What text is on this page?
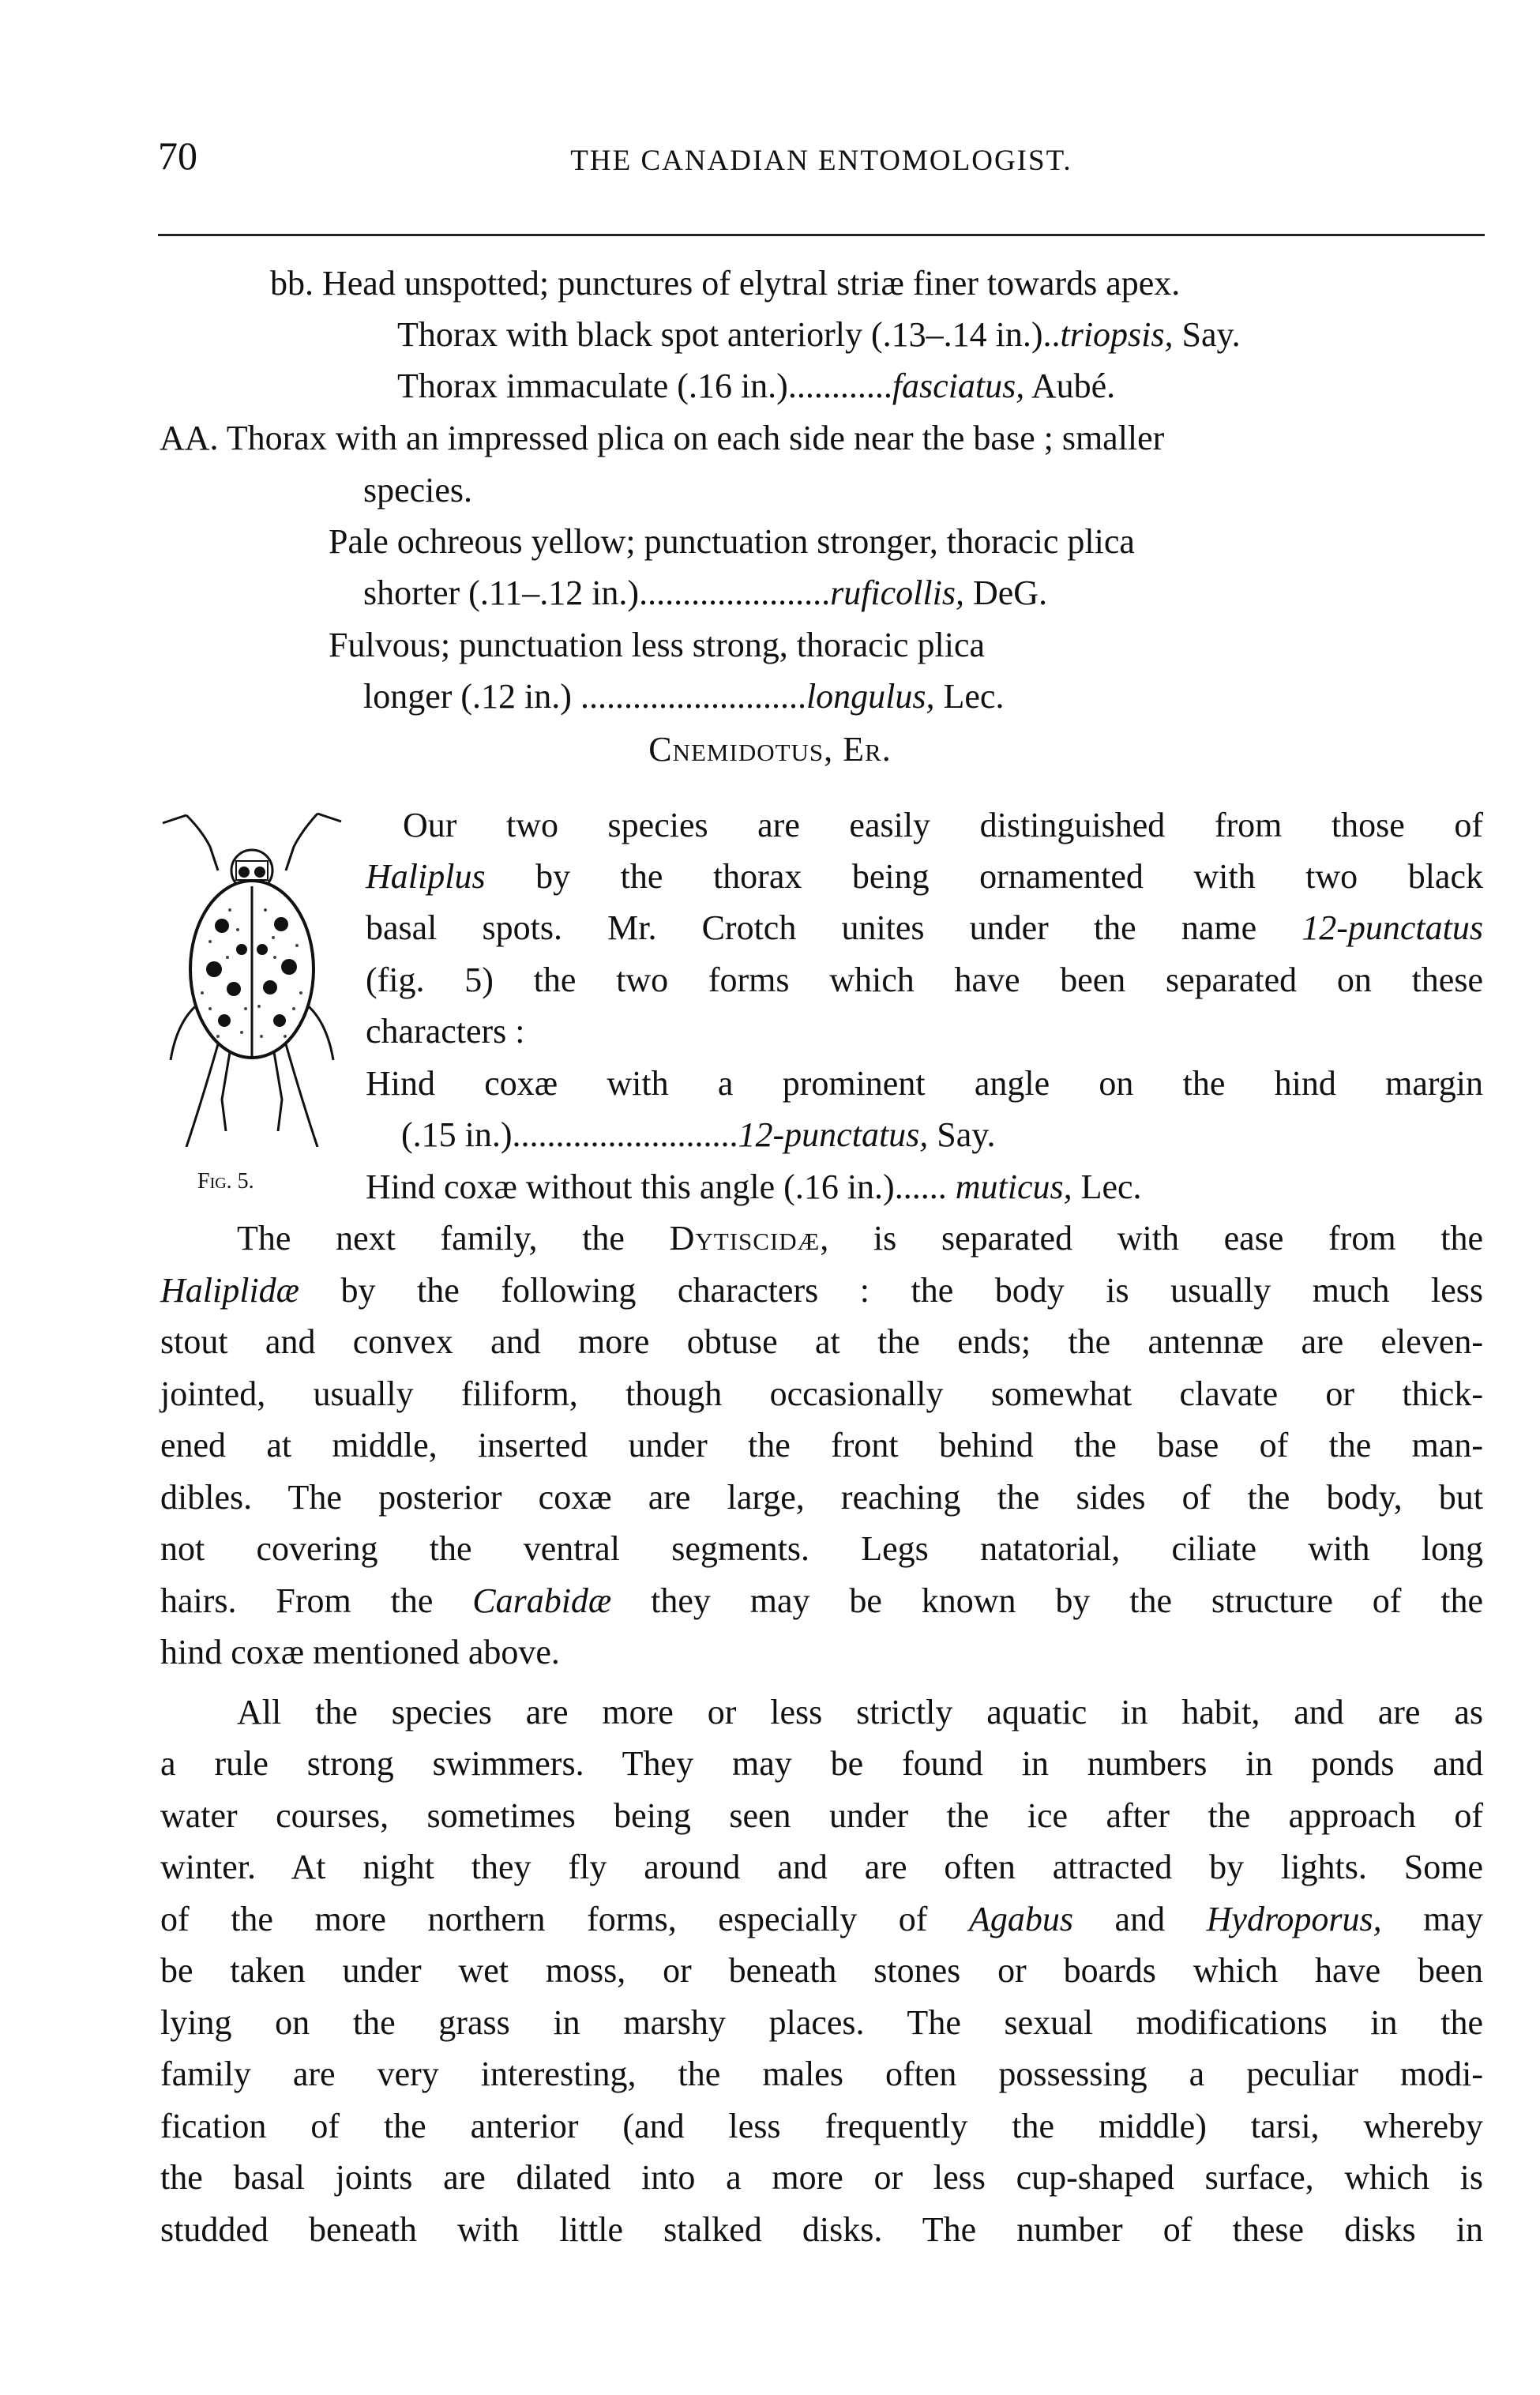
70	THE CANADIAN ENTOMOLOGIST.
bb. Head unspotted; punctures of elytral striæ finer towards apex.
Thorax with black spot anteriorly (.13–.14 in.)..triopsis, Say.
Thorax immaculate (.16 in.)............fasciatus, Aubé.
AA. Thorax with an impressed plica on each side near the base ; smaller
species.
Pale ochreous yellow; punctuation stronger, thoracic plica
shorter (.11–.12 in.)......................ruficollis, DeG.
Fulvous; punctuation less strong, thoracic plica
longer (.12 in.) ..........................longulus, Lec.
Cnemidotus, Er.
Fig. 5.
Our two species are easily distinguished from those of
Haliplus by the thorax being ornamented with two black
basal spots. Mr. Crotch unites under the name 12-punctatus
(fig. 5) the two forms which have been separated on these
characters :
Hind coxæ with a prominent angle on the hind margin
(.15 in.)..........................12-punctatus, Say.
Hind coxæ without this angle (.16 in.)...... muticus, Lec.
The next family, the Dytiscidæ, is separated with ease from the
Haliplidæ by the following characters : the body is usually much less
stout and convex and more obtuse at the ends; the antennæ are eleven-
jointed, usually filiform, though occasionally somewhat clavate or thick-
ened at middle, inserted under the front behind the base of the man-
dibles. The posterior coxæ are large, reaching the sides of the body, but
not covering the ventral segments. Legs natatorial, ciliate with long
hairs. From the Carabidæ they may be known by the structure of the
hind coxæ mentioned above.
All the species are more or less strictly aquatic in habit, and are as
a rule strong swimmers. They may be found in numbers in ponds and
water courses, sometimes being seen under the ice after the approach of
winter. At night they fly around and are often attracted by lights. Some
of the more northern forms, especially of Agabus and Hydroporus, may
be taken under wet moss, or beneath stones or boards which have been
lying on the grass in marshy places. The sexual modifications in the
family are very interesting, the males often possessing a peculiar modi-
fication of the anterior (and less frequently the middle) tarsi, whereby
the basal joints are dilated into a more or less cup-shaped surface, which is
studded beneath with little stalked disks. The number of these disks in
